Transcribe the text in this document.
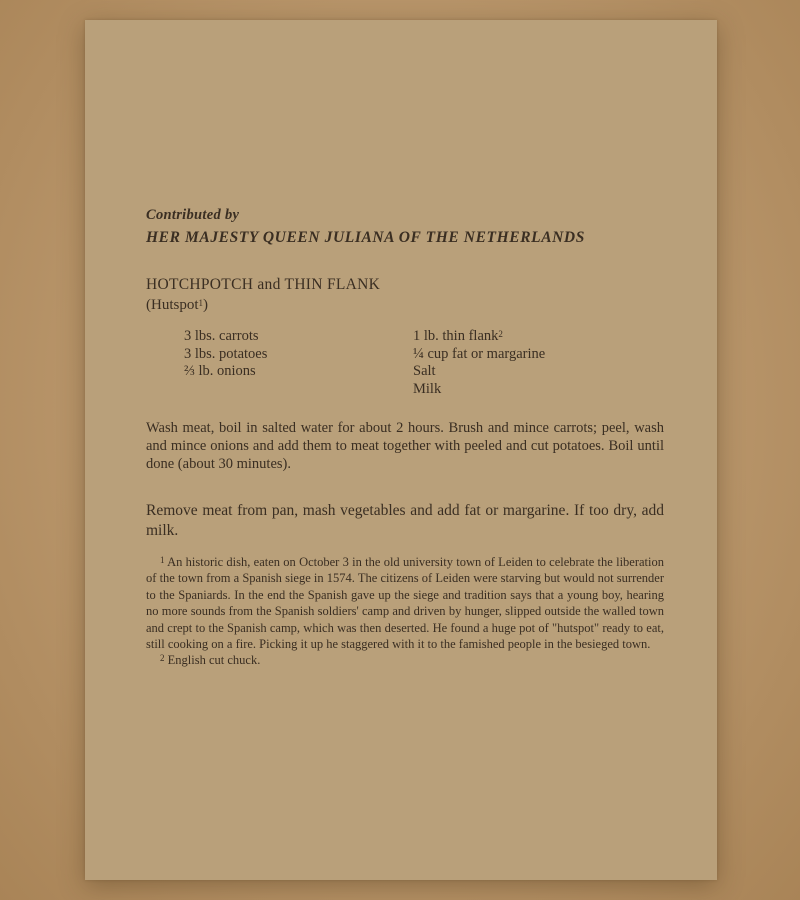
Contributed by

HER MAJESTY QUEEN JULIANA OF THE NETHERLANDS

HOTCHPOTCH and THIN FLANK
(Hutspot$^1$)
3 lbs. carrots
3 lbs. potatoes
⅔ lb. onions
1 lb. thin flank$^2$
¼ cup fat or margarine
Salt
Milk

Wash meat, boil in salted water for about 2 hours. Brush and mince carrots; peel, wash and mince onions and add them to meat together with peeled and cut potatoes. Boil until done (about 30 minutes).

Remove meat from pan, mash vegetables and add fat or margarine. If too dry, add milk.

$^1$ An historic dish, eaten on October 3 in the old university town of Leiden to celebrate the liberation of the town from a Spanish siege in 1574. The citizens of Leiden were starving but would not surrender to the Spaniards. In the end the Spanish gave up the siege and tradition says that a young boy, hearing no more sounds from the Spanish soldiers' camp and driven by hunger, slipped outside the walled town and crept to the Spanish camp, which was then deserted. He found a huge pot of "hutspot" ready to eat, still cooking on a fire. Picking it up he staggered with it to the famished people in the besieged town.

$^2$ English cut chuck.
